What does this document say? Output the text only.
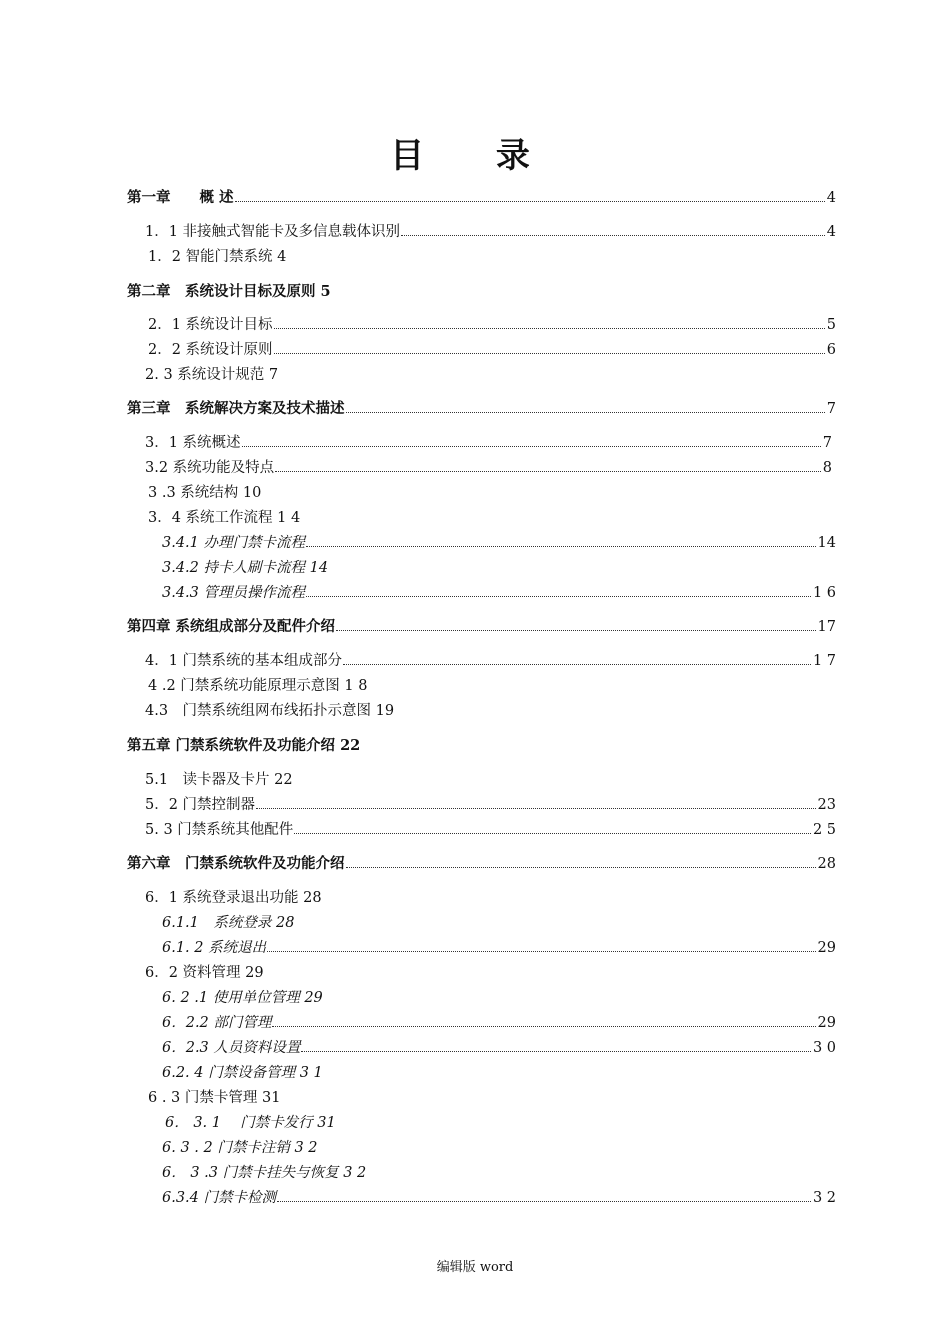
目 录
第一章　　概 述	4
1．1 非接触式智能卡及多信息载体识别	4
1．2 智能门禁系统 4
第二章　系统设计目标及原则 5
2．1 系统设计目标	5
2．2 系统设计原则	6
2. 3 系统设计规范 7
第三章　系统解决方案及技术描述	7
3．1 系统概述	7
3.2 系统功能及特点	8
3 .3 系统结构 10
3．4 系统工作流程 1 4
3.4.1 办理门禁卡流程	14
3.4.2 持卡人刷卡流程 14
3.4.3 管理员操作流程	1 6
第四章 系统组成部分及配件介绍	17
4．1 门禁系统的基本组成部分	1 7
4 .2 门禁系统功能原理示意图 1 8
4.3　门禁系统组网布线拓扑示意图 19
第五章 门禁系统软件及功能介绍 22
5.1　读卡器及卡片 22
5．2 门禁控制器	23
5. 3 门禁系统其他配件	2 5
第六章　门禁系统软件及功能介绍	28
6．1 系统登录退出功能 28
6.1.1　系统登录 28
6.1. 2 系统退出	29
6．2 资料管理 29
6. 2 .1 使用单位管理 29
6．2.2 部门管理	29
6．2.3 人员资料设置	3 0
6.2. 4 门禁设备管理 3 1
6 . 3 门禁卡管理 31
6． 3. 1　 门禁卡发行 31
6. 3 . 2 门禁卡注销 3 2
6． 3 .3 门禁卡挂失与恢复 3 2
6.3.4 门禁卡检测	3 2
编辑版 word
